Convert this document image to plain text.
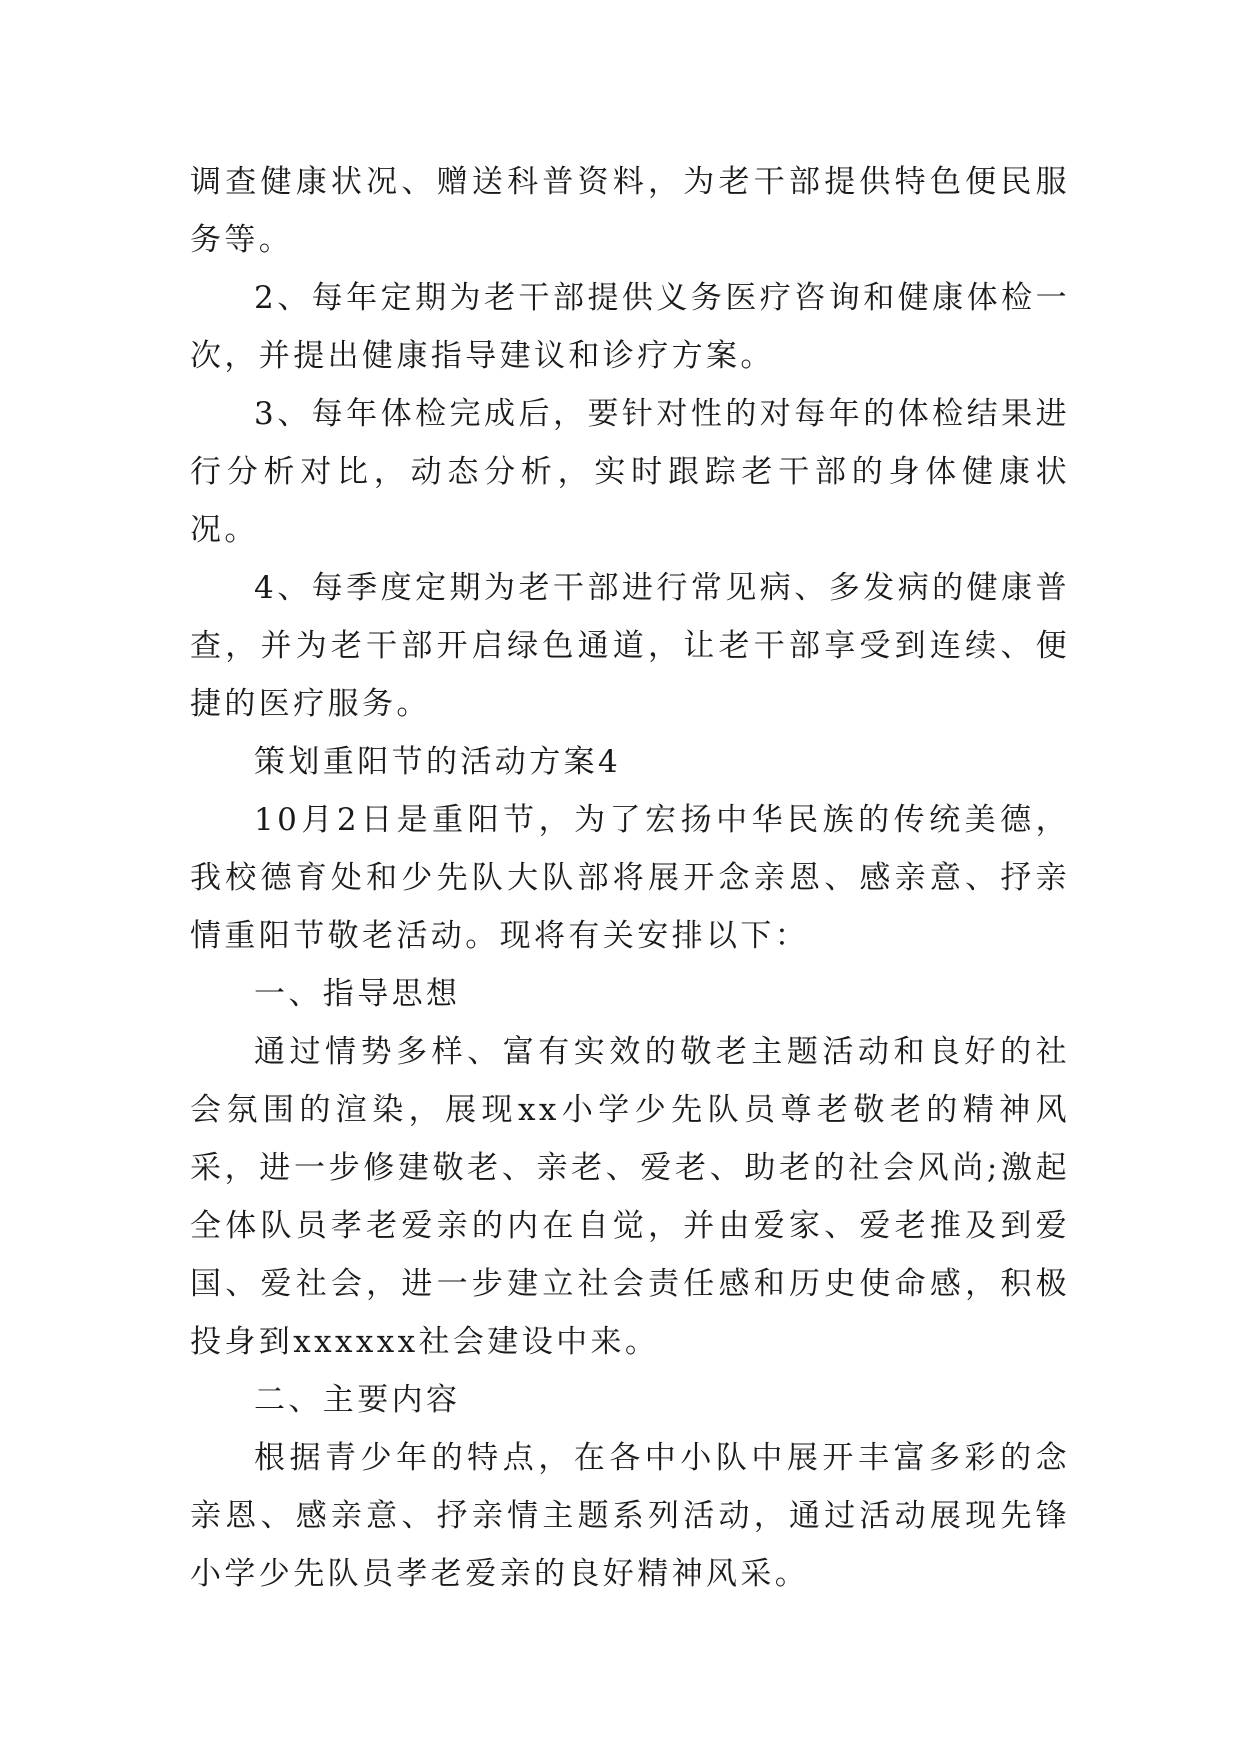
调查健康状况、赠送科普资料，为老干部提供特色便民服务等。

2、每年定期为老干部提供义务医疗咨询和健康体检一次，并提出健康指导建议和诊疗方案。

3、每年体检完成后，要针对性的对每年的体检结果进行分析对比，动态分析，实时跟踪老干部的身体健康状况。

4、每季度定期为老干部进行常见病、多发病的健康普查，并为老干部开启绿色通道，让老干部享受到连续、便捷的医疗服务。

策划重阳节的活动方案4

10月2日是重阳节，为了宏扬中华民族的传统美德，我校德育处和少先队大队部将展开念亲恩、感亲意、抒亲情重阳节敬老活动。现将有关安排以下：

一、指导思想

通过情势多样、富有实效的敬老主题活动和良好的社会氛围的渲染，展现xx小学少先队员尊老敬老的精神风采，进一步修建敬老、亲老、爱老、助老的社会风尚;激起全体队员孝老爱亲的内在自觉，并由爱家、爱老推及到爱国、爱社会，进一步建立社会责任感和历史使命感，积极投身到xxxxxx社会建设中来。

二、主要内容

根据青少年的特点，在各中小队中展开丰富多彩的念亲恩、感亲意、抒亲情主题系列活动，通过活动展现先锋小学少先队员孝老爱亲的良好精神风采。
